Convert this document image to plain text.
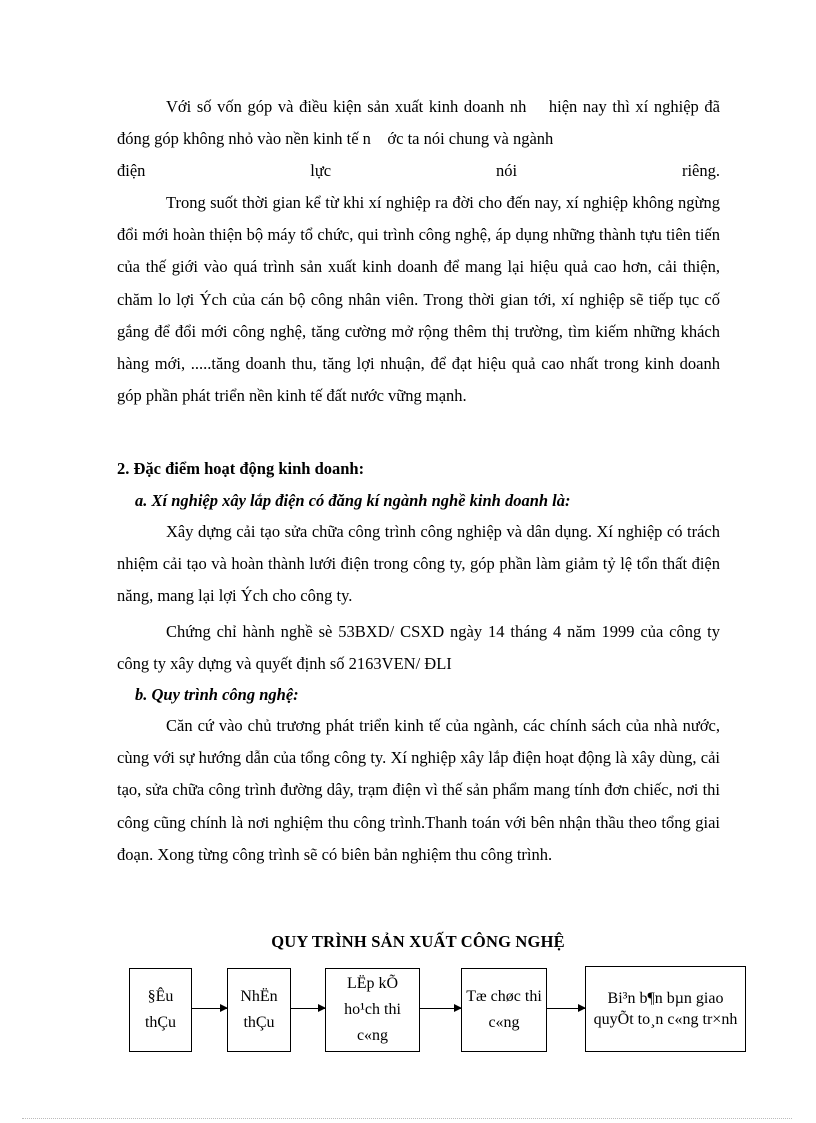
Với số vốn góp và điều kiện sản xuất kinh doanh nh    hiện nay thì xí nghiệp đã đóng góp không nhỏ vào nền kinh tế n    ớc ta nói chung và ngành
điện	lực	nói	riêng.

Trong suốt thời gian kể từ khi xí nghiệp ra đời cho đến nay, xí nghiệp không ngừng đổi mới hoàn thiện bộ máy tổ chức, qui trình công nghệ, áp dụng những thành tựu tiên tiến của thế giới vào quá trình sản xuất kinh doanh để mang lại hiệu quả cao hơn, cải thiện, chăm lo lợi Ých của cán bộ công nhân viên. Trong thời gian tới, xí nghiệp sẽ tiếp tục cố gắng để đổi mới công nghệ, tăng cường mở rộng thêm thị trường, tìm kiếm những khách hàng mới, .....tăng doanh thu, tăng lợi nhuận, để đạt hiệu quả cao nhất trong kinh doanh góp phần phát triển nền kinh tế đất nước vững mạnh.

2. Đặc điểm hoạt động kinh doanh:

a. Xí nghiệp xây lắp điện có đăng kí ngành nghề kinh doanh là:

Xây dựng cải tạo sửa chữa công trình công nghiệp và dân dụng. Xí nghiệp có trách nhiệm cải tạo và hoàn thành lưới điện trong công ty, góp phần làm giảm tỷ lệ tổn thất điện năng, mang lại lợi Ých cho công ty.

Chứng chỉ hành nghề sè 53BXD/ CSXD ngày 14 tháng 4 năm 1999 của công ty công ty xây dựng và quyết định số 2163VEN/ ĐLI

b. Quy trình công nghệ:

Căn cứ vào chủ trương phát triển kinh tế của ngành, các chính sách của nhà nước, cùng với sự hướng dẫn của tổng công ty. Xí nghiệp xây lắp điện hoạt động là xây dùng, cải tạo, sửa chữa công trình đường dây, trạm điện vì thế sản phẩm mang tính đơn chiếc, nơi thi công cũng chính là nơi nghiệm thu công trình.Thanh toán với bên nhận thầu theo tổng giai đoạn. Xong từng công trình sẽ có biên bản nghiệm thu công trình.

QUY TRÌNH SẢN XUẤT CÔNG NGHỆ
§Êu thÇu
NhËn thÇu
LËp kÕ ho¹ch thi c«ng
Tæ chøc thi c«ng
Bi³n b¶n bµn giao quyÕt to¸n c«ng tr×nh
